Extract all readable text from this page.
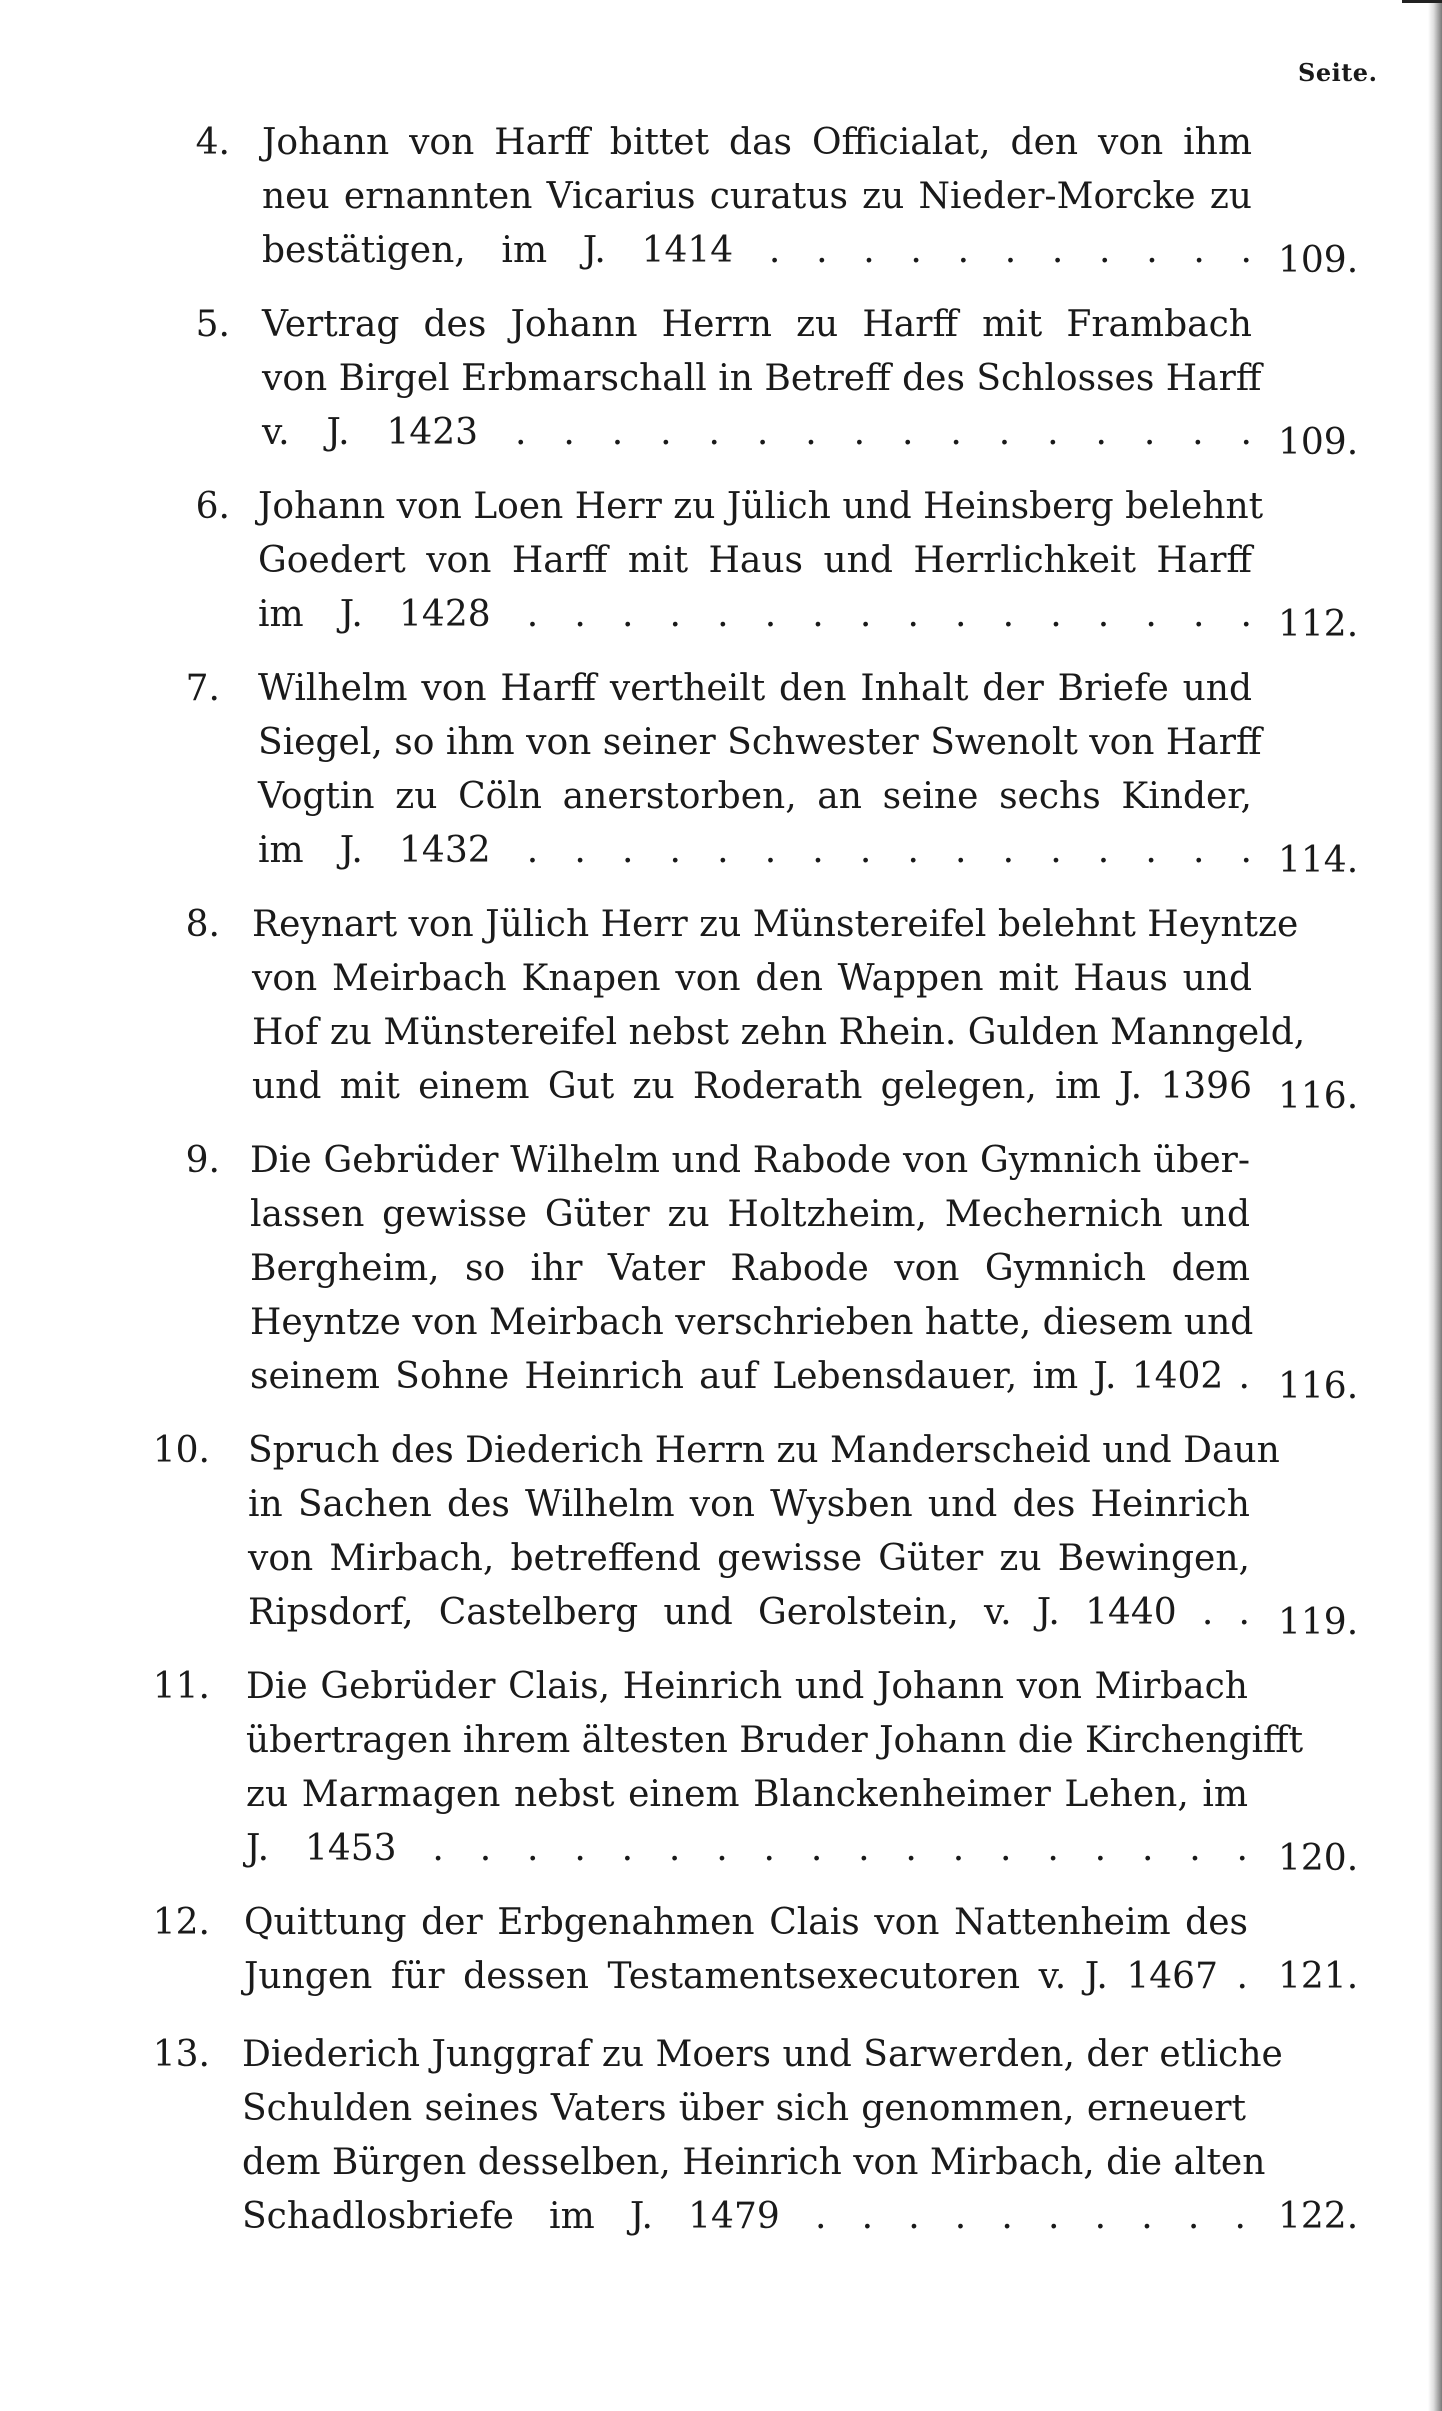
Seite.
4. Johann von Harff bittet das Officialat, den von ihm
neu ernannten Vicarius curatus zu Nieder-Morcke zu
bestätigen, im J. 1414 . . . . . . . . . . . 109.
5. Vertrag des Johann Herrn zu Harff mit Frambach
von Birgel Erbmarschall in Betreff des Schlosses Harff
v. J. 1423 . . . . . . . . . . . . . . . . 109.
6. Johann von Loen Herr zu Jülich und Heinsberg belehnt
Goedert von Harff mit Haus und Herrlichkeit Harff
im J. 1428 . . . . . . . . . . . . . . . . 112.
7. Wilhelm von Harff vertheilt den Inhalt der Briefe und
Siegel, so ihm von seiner Schwester Swenolt von Harff
Vogtin zu Cöln anerstorben, an seine sechs Kinder,
im J. 1432 . . . . . . . . . . . . . . . . 114.
8. Reynart von Jülich Herr zu Münstereifel belehnt Heyntze
von Meirbach Knapen von den Wappen mit Haus und
Hof zu Münstereifel nebst zehn Rhein. Gulden Manngeld,
und mit einem Gut zu Roderath gelegen, im J. 1396 116.
9. Die Gebrüder Wilhelm und Rabode von Gymnich über-
lassen gewisse Güter zu Holtzheim, Mechernich und
Bergheim, so ihr Vater Rabode von Gymnich dem
Heyntze von Meirbach verschrieben hatte, diesem und
seinem Sohne Heinrich auf Lebensdauer, im J. 1402 . 116.
10. Spruch des Diederich Herrn zu Manderscheid und Daun
in Sachen des Wilhelm von Wysben und des Heinrich
von Mirbach, betreffend gewisse Güter zu Bewingen,
Ripsdorf, Castelberg und Gerolstein, v. J. 1440 . . 119.
11. Die Gebrüder Clais, Heinrich und Johann von Mirbach
übertragen ihrem ältesten Bruder Johann die Kirchengifft
zu Marmagen nebst einem Blanckenheimer Lehen, im
J. 1453 . . . . . . . . . . . . . . . . . . 120.
12. Quittung der Erbgenahmen Clais von Nattenheim des
Jungen für dessen Testamentsexecutoren v. J. 1467 . 121.
13. Diederich Junggraf zu Moers und Sarwerden, der etliche
Schulden seines Vaters über sich genommen, erneuert
dem Bürgen desselben, Heinrich von Mirbach, die alten
Schadlosbriefe im J. 1479 . . . . . . . . . . 122.
